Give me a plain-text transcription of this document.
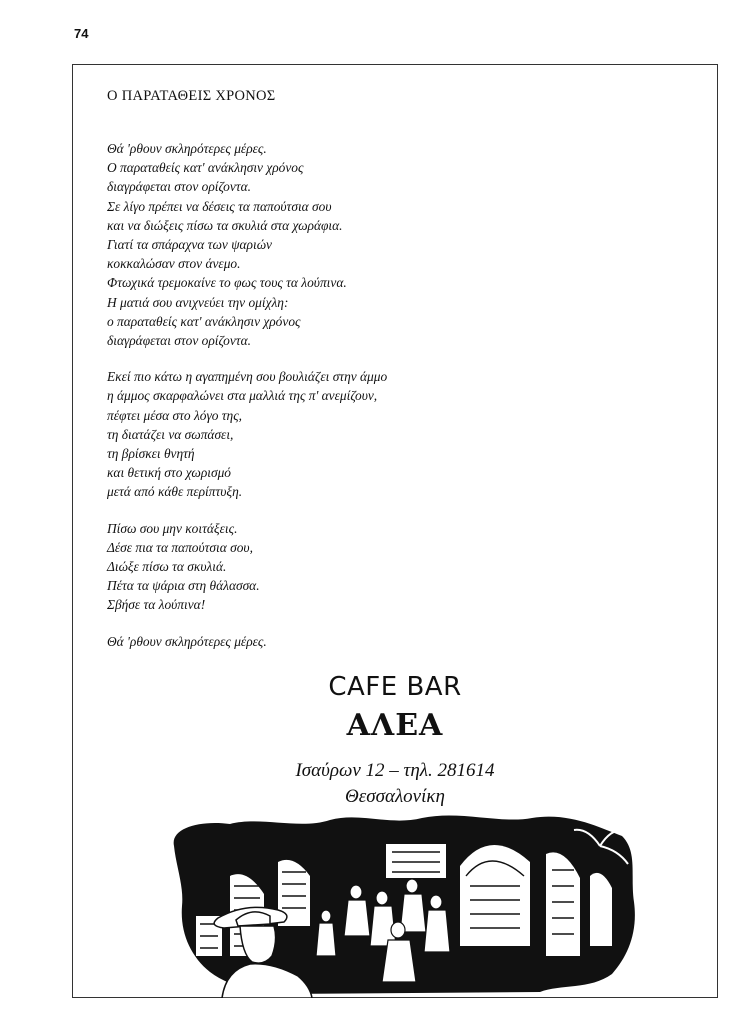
74
Ο ΠΑΡΑΤΑΘΕΙΣ ΧΡΟΝΟΣ
Θά 'ρθουν σκληρότερες μέρες.
Ο παραταθείς κατ' ανάκλησιν χρόνος
διαγράφεται στον ορίζοντα.
Σε λίγο πρέπει να δέσεις τα παπούτσια σου
και να διώξεις πίσω τα σκυλιά στα χωράφια.
Γιατί τα σπάραχνα των ψαριών
κοκκαλώσαν στον άνεμο.
Φτωχικά τρεμοκαίνε το φως τους τα λούπινα.
Η ματιά σου ανιχνεύει την ομίχλη:
ο παραταθείς κατ' ανάκλησιν χρόνος
διαγράφεται στον ορίζοντα.
Εκεί πιο κάτω η αγαπημένη σου βουλιάζει στην άμμο
η άμμος σκαρφαλώνει στα μαλλιά της π' ανεμίζουν,
πέφτει μέσα στο λόγο της,
τη διατάζει να σωπάσει,
τη βρίσκει θνητή
και θετική στο χωρισμό
μετά από κάθε περίπτυξη.
Πίσω σου μην κοιτάξεις.
Δέσε πια τα παπούτσια σου,
Διώξε πίσω τα σκυλιά.
Πέτα τα ψάρια στη θάλασσα.
Σβήσε τα λούπινα!
Θά 'ρθουν σκληρότερες μέρες.
CAFE BAR
ΑΛΕΑ
Ισαύρων 12 – τηλ. 281614
Θεσσαλονίκη
